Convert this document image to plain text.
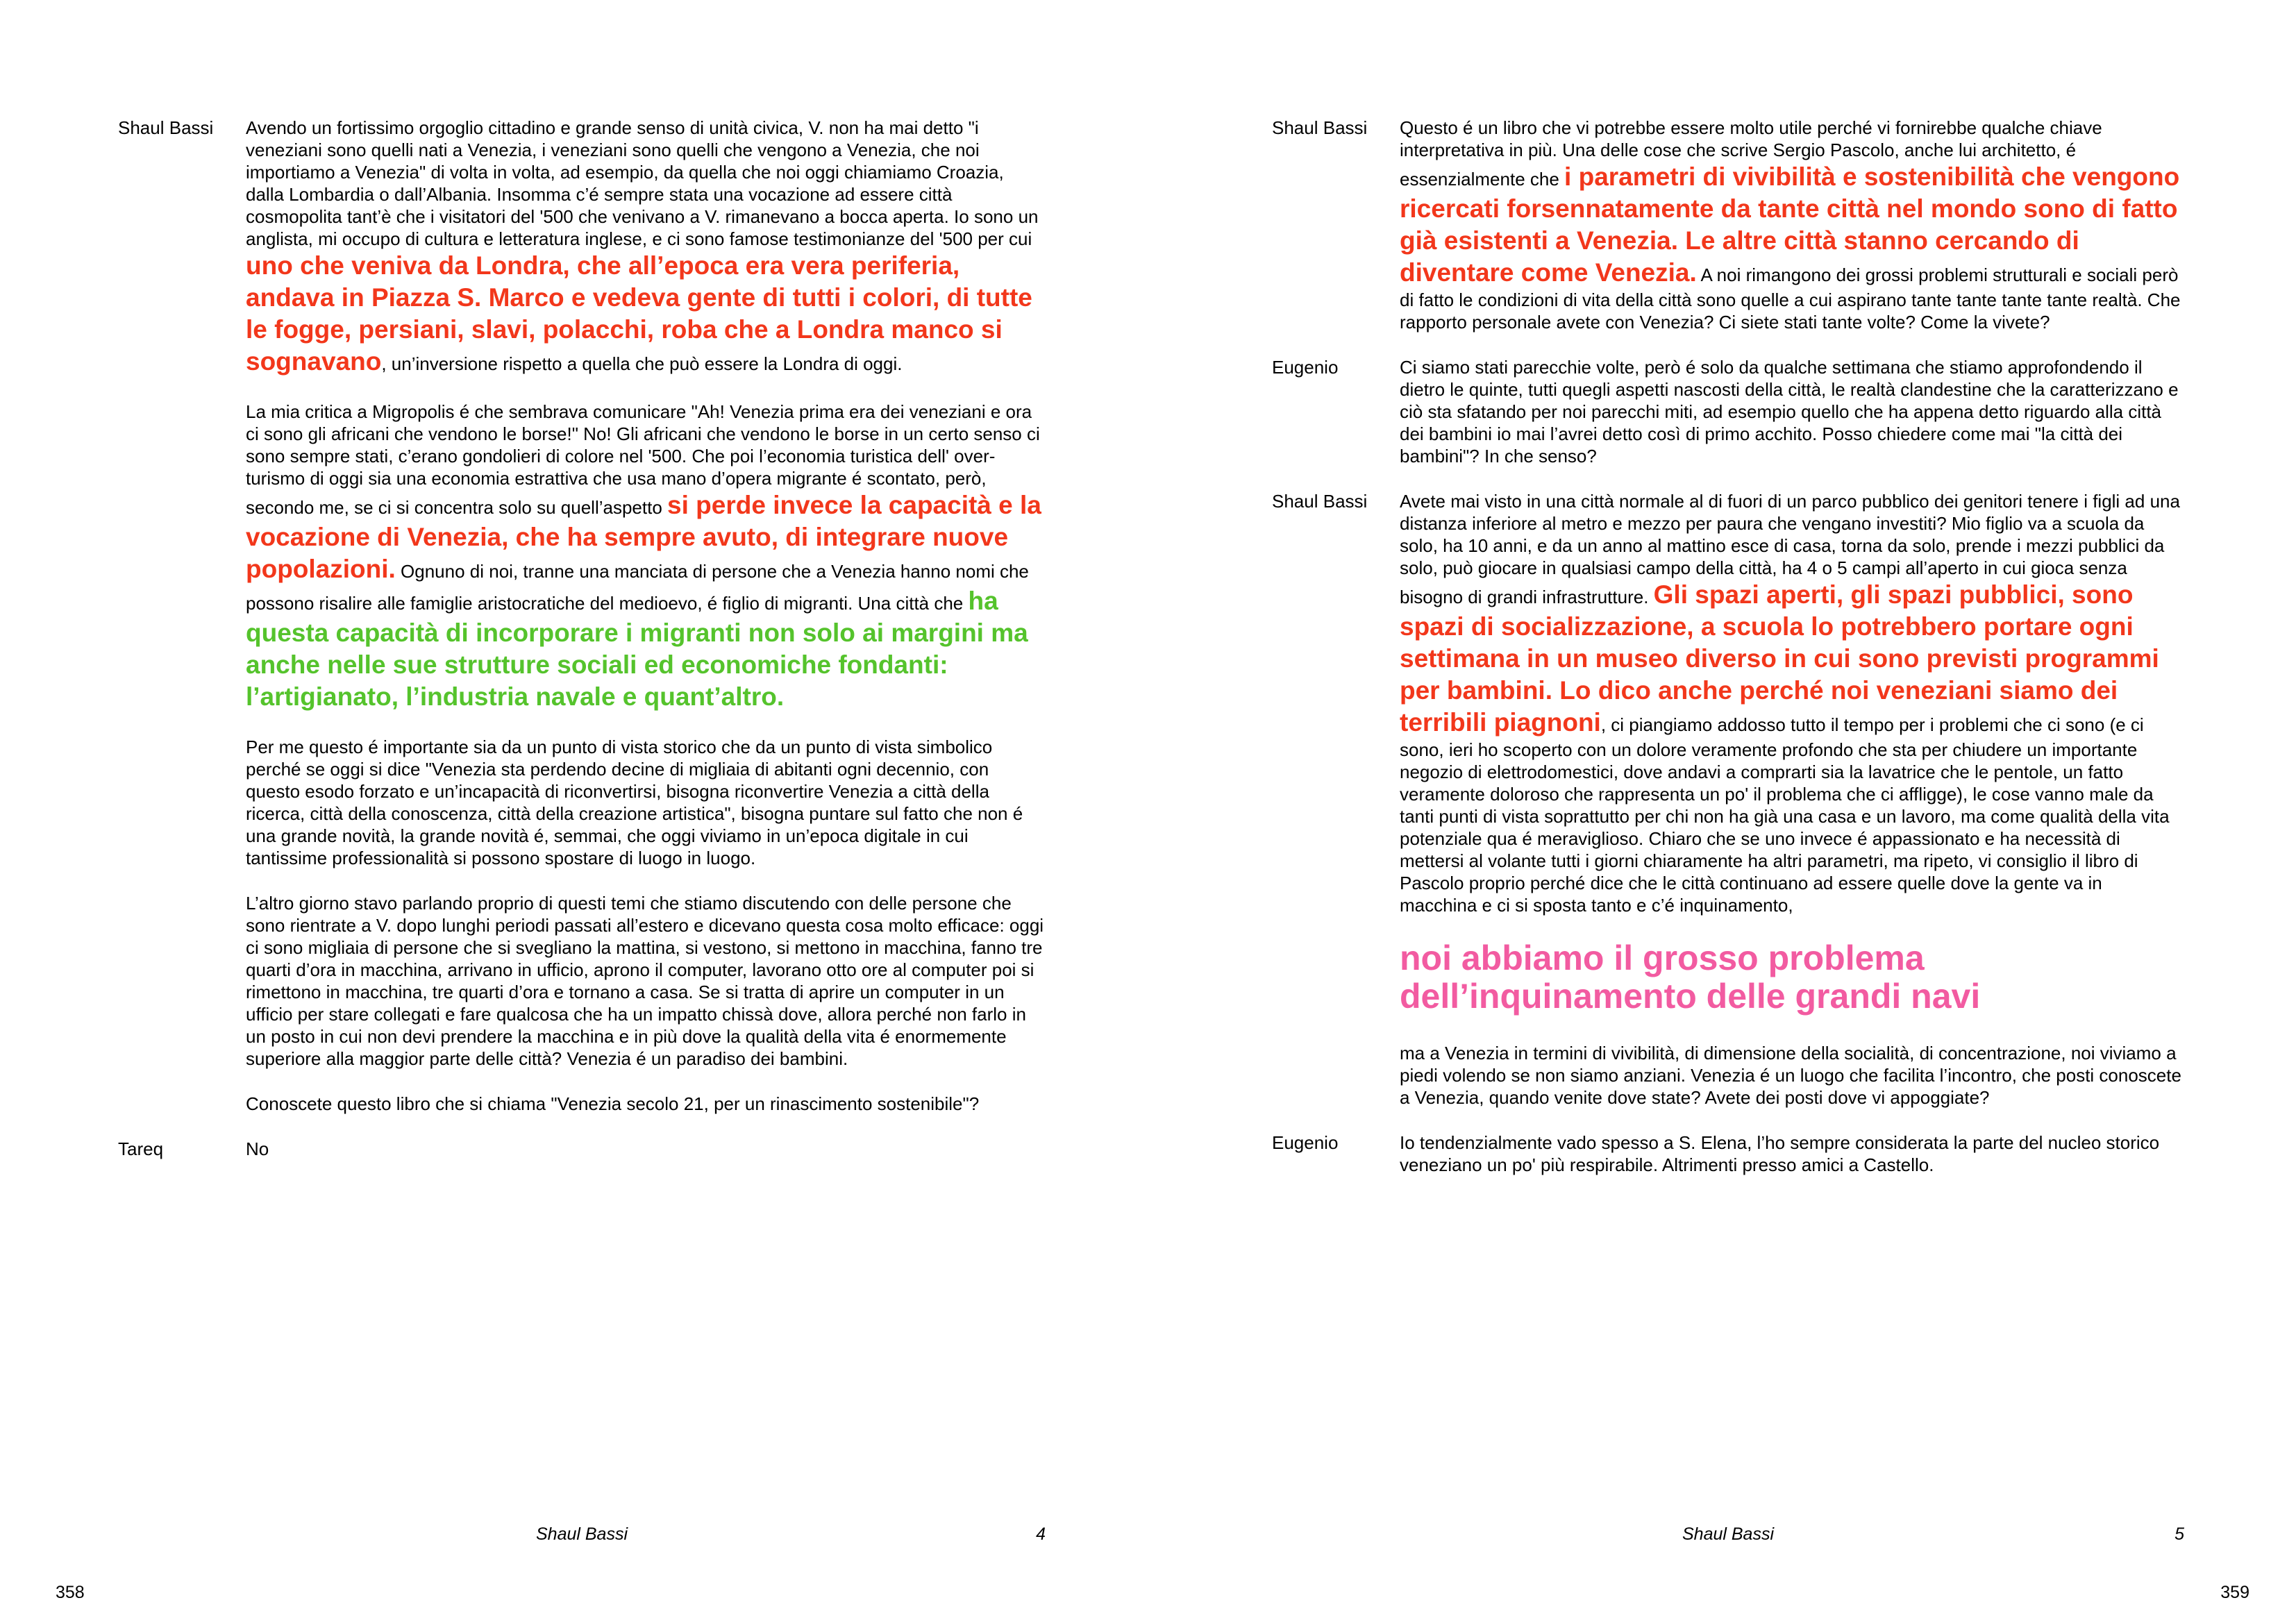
Shaul Bassi	Avendo un fortissimo orgoglio cittadino e grande senso di unità civica, V. non ha mai detto "i veneziani sono quelli nati a Venezia, i veneziani sono quelli che vengono a Venezia, che noi importiamo a Venezia" di volta in volta, ad esempio, da quella che noi oggi chiamiamo Croazia, dalla Lombardia o dall’Albania. Insomma c’é sempre stata una vocazione ad essere città cosmopolita tant’è che i visitatori del '500 che venivano a V. rimanevano a bocca aperta. Io sono un anglista, mi occupo di cultura e letteratura inglese, e ci sono famose testimonianze del '500 per cui uno che veniva da Londra, che all’epoca era vera periferia, andava in Piazza S. Marco e vedeva gente di tutti i colori, di tutte le fogge, persiani, slavi, polacchi, roba che a Londra manco si sognavano, un’inversione rispetto a quella che può essere la Londra di oggi.

La mia critica a Migropolis é che sembrava comunicare "Ah! Venezia prima era dei veneziani e ora ci sono gli africani che vendono le borse!" No! Gli africani che vendono le borse in un certo senso ci sono sempre stati, c’erano gondolieri di colore nel '500. Che poi l’economia turistica dell' over-turismo di oggi sia una economia estrattiva che usa mano d’opera migrante é scontato, però, secondo me, se ci si concentra solo su quell’aspetto si perde invece la capacità e la vocazione di Venezia, che ha sempre avuto, di integrare nuove popolazioni. Ognuno di noi, tranne una manciata di persone che a Venezia hanno nomi che possono risalire alle famiglie aristocratiche del medioevo, é figlio di migranti. Una città che ha questa capacità di incorporare i migranti non solo ai margini ma anche nelle sue strutture sociali ed economiche fondanti: l’artigianato, l’industria navale e quant’altro.

Per me questo é importante sia da un punto di vista storico che da un punto di vista simbolico perché se oggi si dice "Venezia sta perdendo decine di migliaia di abitanti ogni decennio, con questo esodo forzato e un’incapacità di riconvertirsi, bisogna riconvertire Venezia a città della ricerca, città della conoscenza, città della creazione artistica", bisogna puntare sul fatto che non é una grande novità, la grande novità é, semmai, che oggi viviamo in un’epoca digitale in cui tantissime professionalità si possono spostare di luogo in luogo.

L’altro giorno stavo parlando proprio di questi temi che stiamo discutendo con delle persone che sono rientrate a V. dopo lunghi periodi passati all’estero e dicevano questa cosa molto efficace: oggi ci sono migliaia di persone che si svegliano la mattina, si vestono, si mettono in macchina, fanno tre quarti d’ora in macchina, arrivano in ufficio, aprono il computer, lavorano otto ore al computer poi si rimettono in macchina, tre quarti d’ora e tornano a casa. Se si tratta di aprire un computer in un ufficio per stare collegati e fare qualcosa che ha un impatto chissà dove, allora perché non farlo in un posto in cui non devi prendere la macchina e in più dove la qualità della vita é enormemente superiore alla maggior parte delle città? Venezia é un paradiso dei bambini.

Conoscete questo libro che si chiama "Venezia secolo 21, per un rinascimento sostenibile"?

Tareq	No

Shaul Bassi	4
358
Shaul Bassi	Questo é un libro che vi potrebbe essere molto utile perché vi fornirebbe qualche chiave interpretativa in più. Una delle cose che scrive Sergio Pascolo, anche lui architetto, é essenzialmente che i parametri di vivibilità e sostenibilità che vengono ricercati forsennatamente da tante città nel mondo sono di fatto già esistenti a Venezia. Le altre città stanno cercando di diventare come Venezia. A noi rimangono dei grossi problemi strutturali e sociali però di fatto le condizioni di vita della città sono quelle a cui aspirano tante tante tante tante realtà. Che rapporto personale avete con Venezia? Ci siete stati tante volte? Come la vivete?

Eugenio	Ci siamo stati parecchie volte, però é solo da qualche settimana che stiamo approfondendo il dietro le quinte, tutti quegli aspetti nascosti della città, le realtà clandestine che la caratterizzano e ciò sta sfatando per noi parecchi miti, ad esempio quello che ha appena detto riguardo alla città dei bambini io mai l’avrei detto così di primo acchito. Posso chiedere come mai "la città dei bambini"? In che senso?

Shaul Bassi	Avete mai visto in una città normale al di fuori di un parco pubblico dei genitori tenere i figli ad una distanza inferiore al metro e mezzo per paura che vengano investiti? Mio figlio va a scuola da solo, ha 10 anni, e da un anno al mattino esce di casa, torna da solo, prende i mezzi pubblici da solo, può giocare in qualsiasi campo della città, ha 4 o 5 campi all’aperto in cui gioca senza bisogno di grandi infrastrutture. Gli spazi aperti, gli spazi pubblici, sono spazi di socializzazione, a scuola lo potrebbero portare ogni settimana in un museo diverso in cui sono previsti programmi per bambini. Lo dico anche perché noi veneziani siamo dei terribili piagnoni, ci piangiamo addosso tutto il tempo per i problemi che ci sono (e ci sono, ieri ho scoperto con un dolore veramente profondo che sta per chiudere un importante negozio di elettrodomestici, dove andavi a comprarti sia la lavatrice che le pentole, un fatto veramente doloroso che rappresenta un po' il problema che ci affligge), le cose vanno male da tanti punti di vista soprattutto per chi non ha già una casa e un lavoro, ma come qualità della vita potenziale qua é meraviglioso. Chiaro che se uno invece é appassionato e ha necessità di mettersi al volante tutti i giorni chiaramente ha altri parametri, ma ripeto, vi consiglio il libro di Pascolo proprio perché dice che le città continuano ad essere quelle dove la gente va in macchina e ci si sposta tanto e c’é inquinamento,

noi abbiamo il grosso problema dell’inquinamento delle grandi navi

ma a Venezia in termini di vivibilità, di dimensione della socialità, di concentrazione, noi viviamo a piedi volendo se non siamo anziani. Venezia é un luogo che facilita l’incontro, che posti conoscete a Venezia, quando venite dove state? Avete dei posti dove vi appoggiate?

Eugenio	Io tendenzialmente vado spesso a S. Elena, l’ho sempre considerata la parte del nucleo storico veneziano un po' più respirabile. Altrimenti presso amici a Castello.

Shaul Bassi	5
359
